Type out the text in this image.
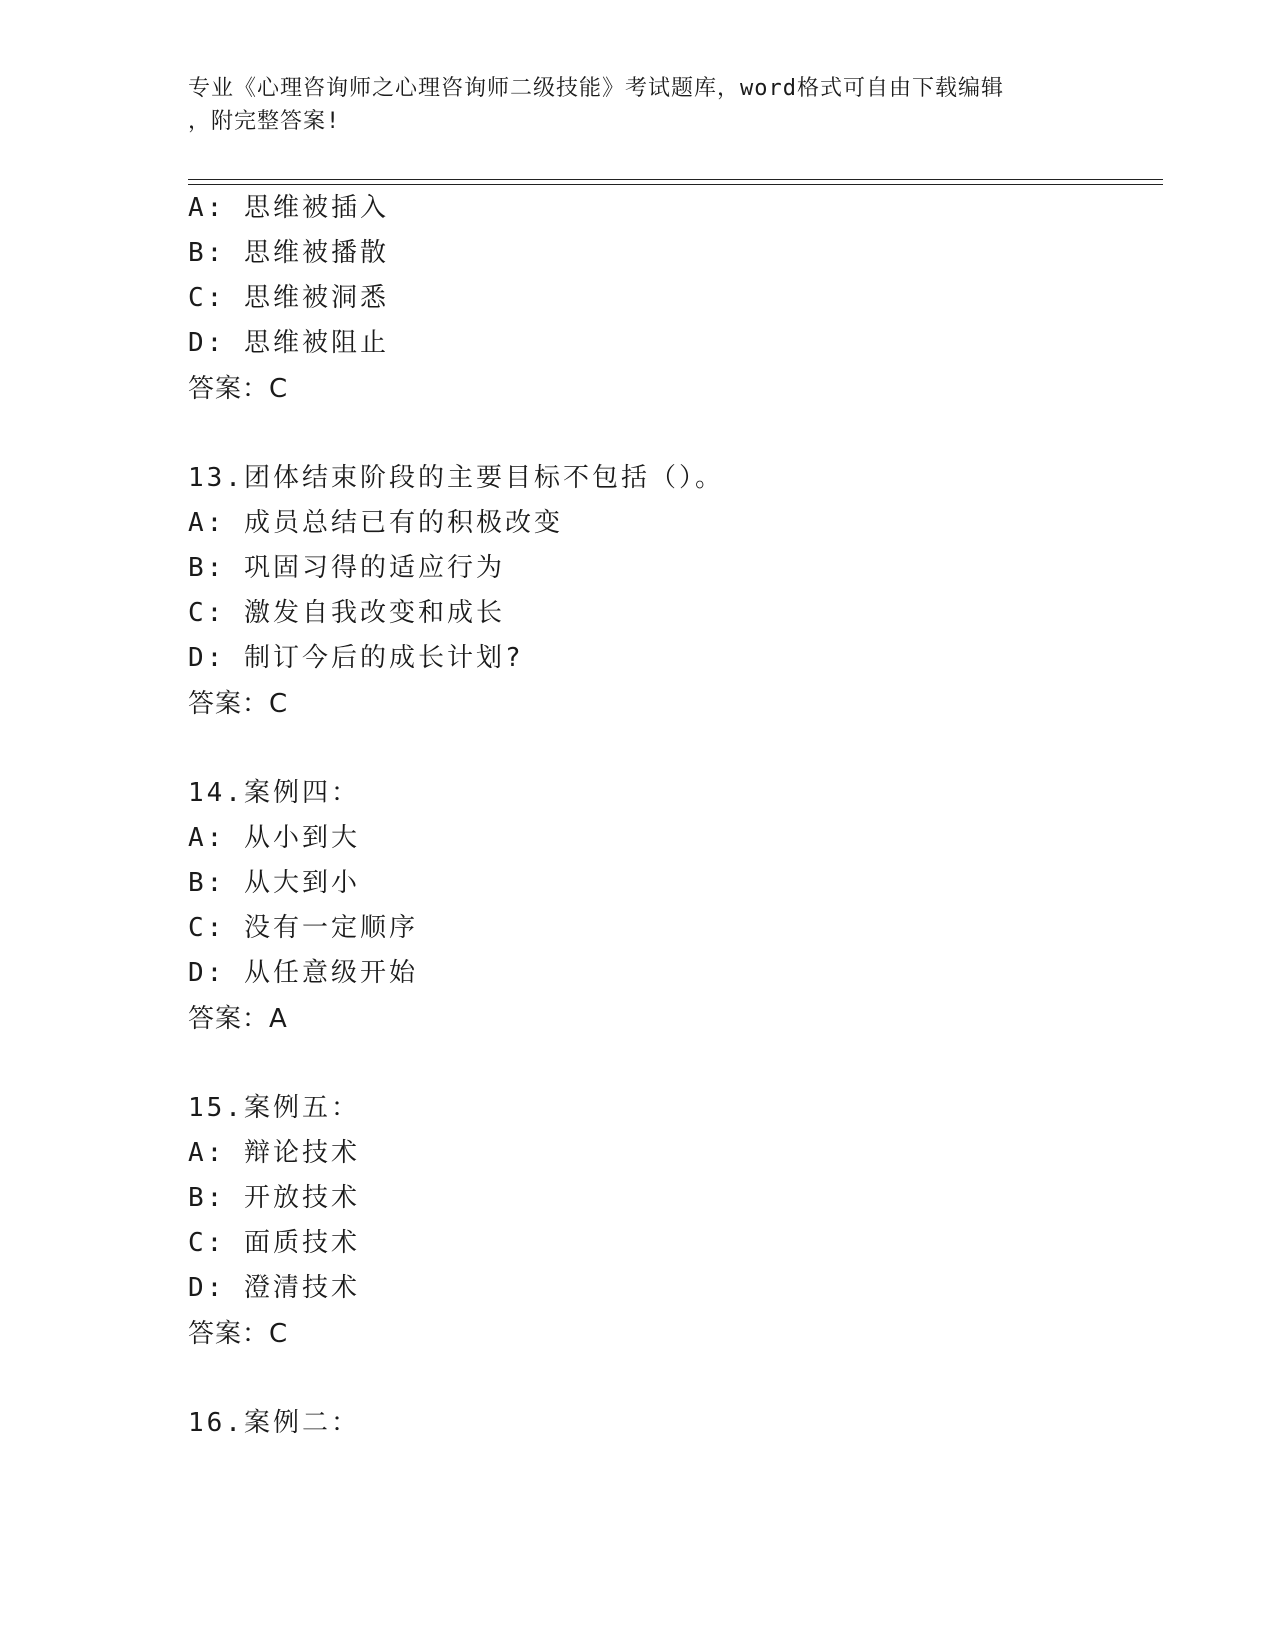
专业《心理咨询师之心理咨询师二级技能》考试题库，word格式可自由下载编辑
，附完整答案!
A: 思维被插入
B: 思维被播散
C: 思维被洞悉
D: 思维被阻止
答案：C
13.团体结束阶段的主要目标不包括（）。
A: 成员总结已有的积极改变
B: 巩固习得的适应行为
C: 激发自我改变和成长
D: 制订今后的成长计划?
答案：C
14.案例四：
A: 从小到大
B: 从大到小
C: 没有一定顺序
D: 从任意级开始
答案：A
15.案例五：
A: 辩论技术
B: 开放技术
C: 面质技术
D: 澄清技术
答案：C
16.案例二：
